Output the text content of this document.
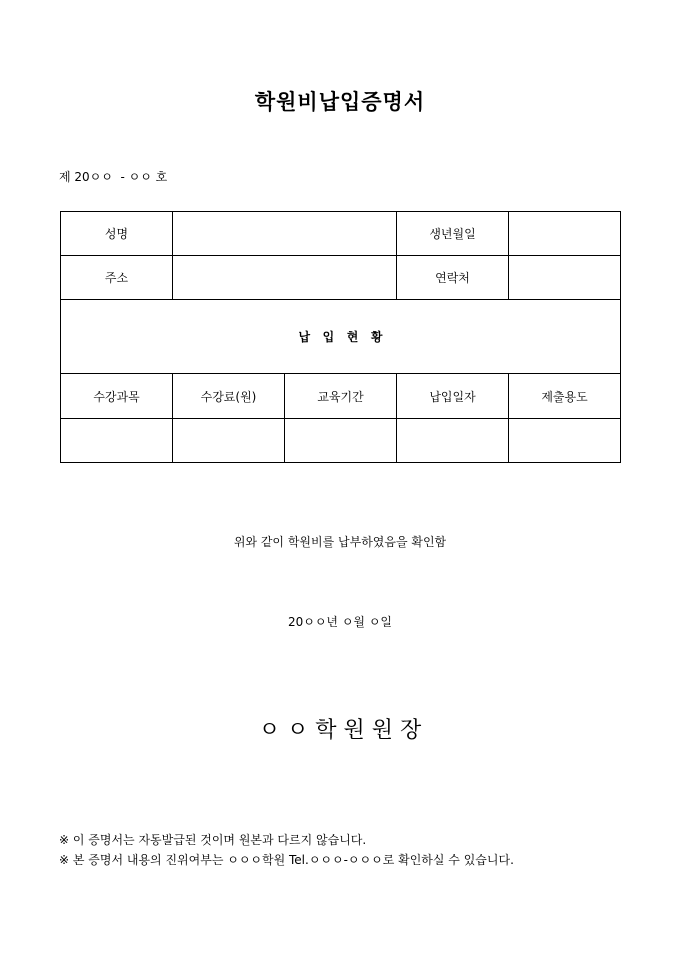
학원비납입증명서
제 20ㅇㅇ  - ㅇㅇ 호
성명			생년월일	
주소			연락처	
납   입   현   황				
수강과목	수강료(원)	교육기간	납입일자	제출용도

위와 같이 학원비를 납부하였음을 확인함
20ㅇㅇ년 ㅇ월 ㅇ일
ㅇ ㅇ 학 원 원 장
※ 이 증명서는 자동발급된 것이며 원본과 다르지 않습니다.
※ 본 증명서 내용의 진위여부는 ㅇㅇㅇ학원 Tel.ㅇㅇㅇ-ㅇㅇㅇ로 확인하실 수 있습니다.
